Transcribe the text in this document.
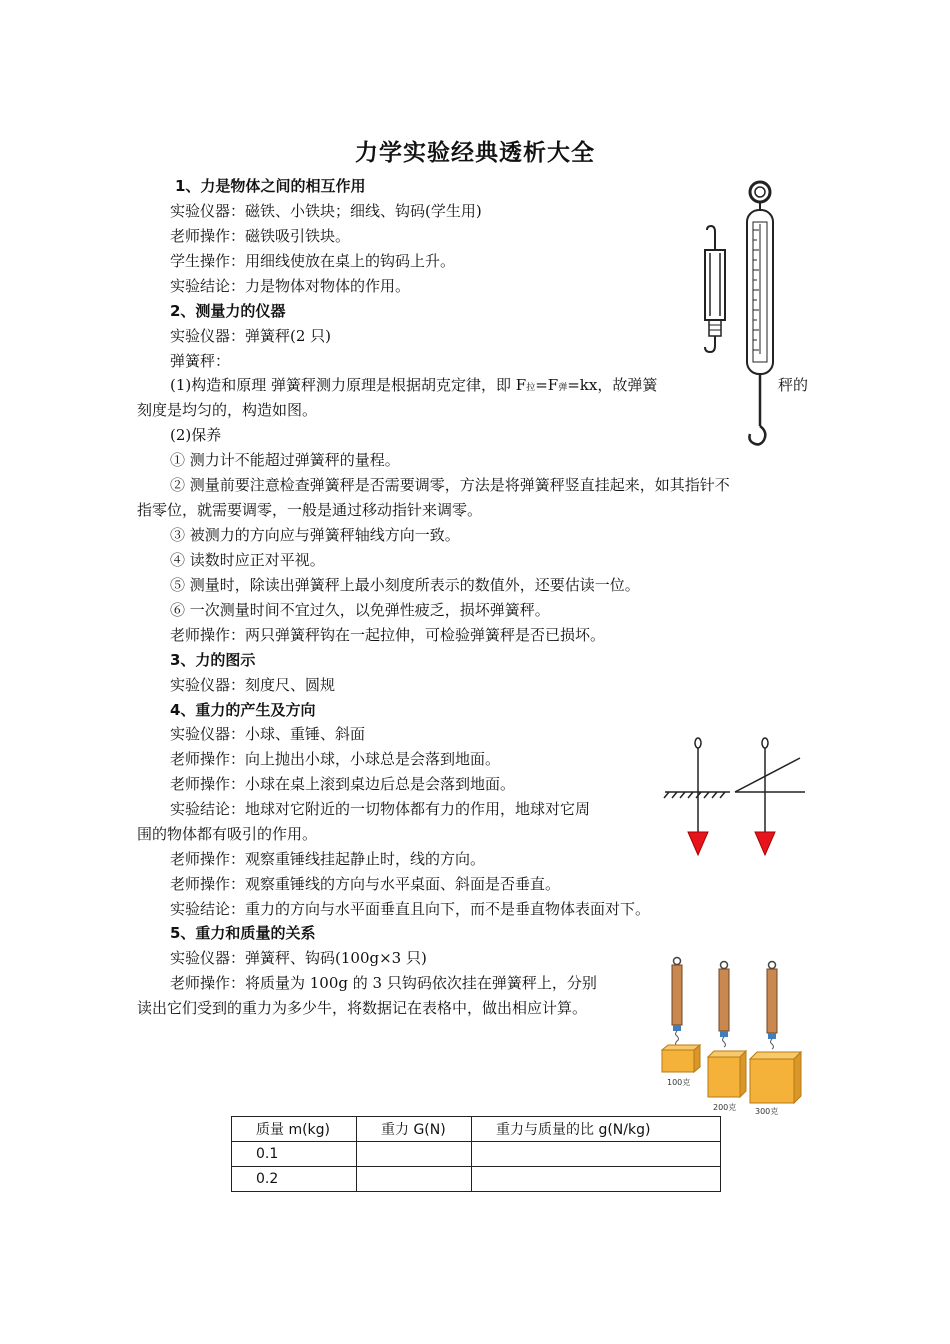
力学实验经典透析大全
1、力是物体之间的相互作用
实验仪器：磁铁、小铁块；细线、钩码(学生用)
老师操作：磁铁吸引铁块。
学生操作：用细线使放在桌上的钩码上升。
实验结论：力是物体对物体的作用。
2、测量力的仪器
实验仪器：弹簧秤(2 只)
弹簧秤：
(1)构造和原理 弹簧秤测力原理是根据胡克定律，即 F拉=F弹=kx，故弹簧	秤的
刻度是均匀的，构造如图。
(2)保养
① 测力计不能超过弹簧秤的量程。
② 测量前要注意检查弹簧秤是否需要调零，方法是将弹簧秤竖直挂起来，如其指针不
指零位，就需要调零，一般是通过移动指针来调零。
③ 被测力的方向应与弹簧秤轴线方向一致。
④ 读数时应正对平视。
⑤ 测量时，除读出弹簧秤上最小刻度所表示的数值外，还要估读一位。
⑥ 一次测量时间不宜过久，以免弹性疲乏，损坏弹簧秤。
老师操作：两只弹簧秤钩在一起拉伸，可检验弹簧秤是否已损坏。
3、力的图示
实验仪器：刻度尺、圆规
4、重力的产生及方向
实验仪器：小球、重锤、斜面
老师操作：向上抛出小球，小球总是会落到地面。
老师操作：小球在桌上滚到桌边后总是会落到地面。
实验结论：地球对它附近的一切物体都有力的作用，地球对它周
围的物体都有吸引的作用。
老师操作：观察重锤线挂起静止时，线的方向。
老师操作：观察重锤线的方向与水平桌面、斜面是否垂直。
实验结论：重力的方向与水平面垂直且向下，而不是垂直物体表面对下。
5、重力和质量的关系
实验仪器：弹簧秤、钩码(100g×3 只)
老师操作：将质量为 100g 的 3 只钩码依次挂在弹簧秤上，分别
读出它们受到的重力为多少牛，将数据记在表格中，做出相应计算。
100克
200克 300克
质量 m(kg)	重力 G(N)	重力与质量的比 g(N/kg)
0.1		
0.2		
